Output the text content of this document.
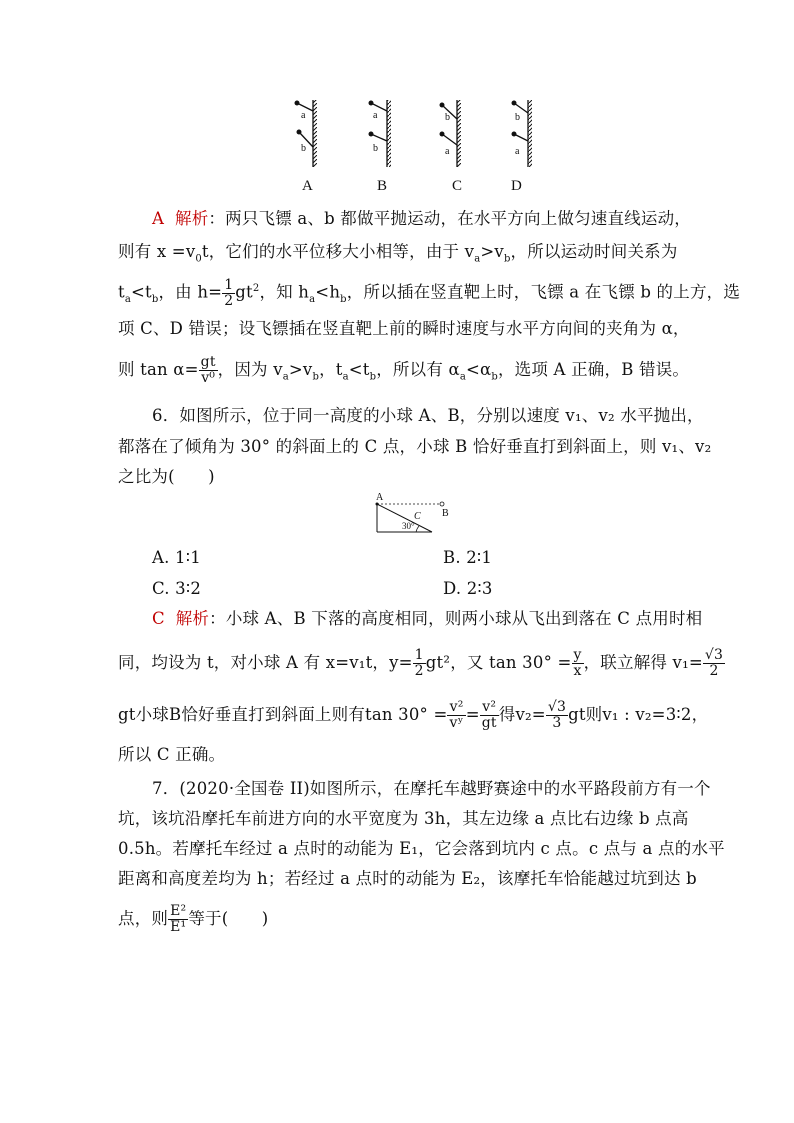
a
b
a
b
b
a
b
a
A	B	C	D
A 解析：两只飞镖 a、b 都做平抛运动，在水平方向上做匀速直线运动，
则有 $x =v_0t$，它们的水平位移大小相等，由于 $v_a>v_b$，所以运动时间关系为
$t_a<t_b$，由 $h= \frac{1}{2} gt^2$，知 $h_a<h_b$，所以插在竖直靶上时，飞镖 a 在飞镖 b 的上方，选
项 C、D 错误；设飞镖插在竖直靶上前的瞬时速度与水平方向间的夹角为 α，
则 $\tan \alpha= \frac{gt}{\text{v⁰}}$ ，因为 $v_a>v_b$，$t_a<t_b$，所以有 $\alpha_a<\alpha_b$，选项 A 正确，B 错误。
6．如图所示，位于同一高度的小球 A、B，分别以速度 v₁、v₂ 水平抛出，
都落在了倾角为 30° 的斜面上的 C 点，小球 B 恰好垂直打到斜面上，则 v₁、v₂
之比为(　　)
A
B
C
30°
A. 1∶1	B. 2∶1
C. 3∶2	D. 2∶3
C 解析：小球 A、B 下落的高度相同，则两小球从飞出到落在 C 点用时相
同，均设为 t，对小球 A 有 x=v₁t，$y= \frac{1}{2} gt^2$，又 $\tan 30^\circ = \frac{y}{x}$ ，联立解得 $v_1= \frac{√3}{2}$
gt小球B恰好垂直打到斜面上则有$\tan 30^\circ = \frac{\text{v²}}{\text{vʸ}} = \frac{\text{v²}}{gt}$ 得$v_2= \frac{√3}{3}$ gt则v₁ : v₂=3∶2，
所以 C 正确。
7．(2020·全国卷 II)如图所示，在摩托车越野赛途中的水平路段前方有一个
坑，该坑沿摩托车前进方向的水平宽度为 3h，其左边缘 a 点比右边缘 b 点高
0.5h。若摩托车经过 a 点时的动能为 E₁，它会落到坑内 c 点。c 点与 a 点的水平
距离和高度差均为 h；若经过 a 点时的动能为 E₂，该摩托车恰能越过坑到达 b
点，则 $\frac{\text{E²}}{\text{E¹}}$ 等于(　　)
